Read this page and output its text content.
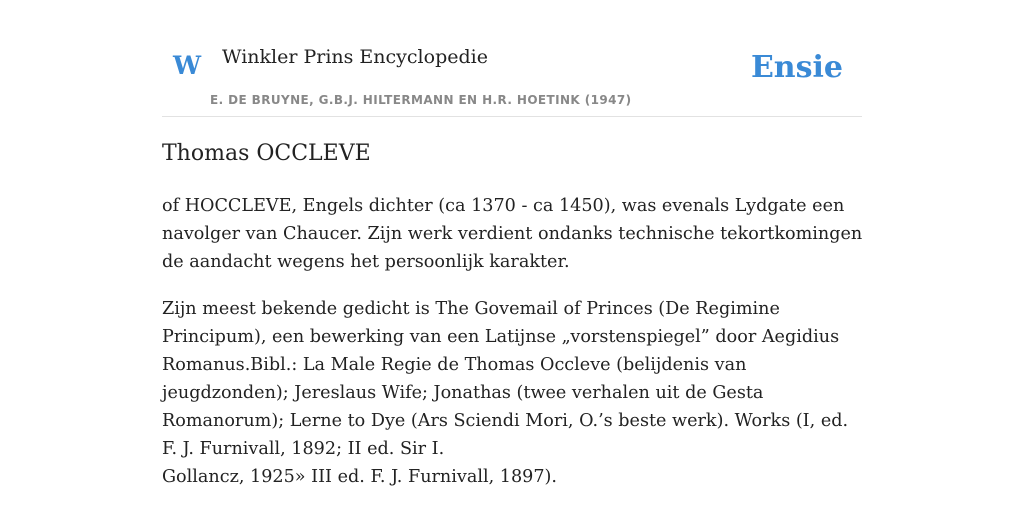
W Winkler Prins Encyclopedie
E. DE BRUYNE, G.B.J. HILTERMANN EN H.R. HOETINK (1947)
Ensie
Thomas OCCLEVE

of HOCCLEVE, Engels dichter (ca 1370 - ca 1450), was evenals Lydgate een navolger van Chaucer. Zijn werk verdient ondanks technische tekortkomingen de aandacht wegens het persoonlijk karakter.

Zijn meest bekende gedicht is The Govemail of Princes (De Regimine Principum), een bewerking van een Latijnse „vorstenspiegel” door Aegidius Romanus.Bibl.: La Male Regie de Thomas Occleve (belijdenis van jeugdzonden); Jereslaus Wife; Jonathas (twee verhalen uit de Gesta Romanorum); Lerne to Dye (Ars Sciendi Mori, O.’s beste werk). Works (I, ed. F. J. Furnivall, 1892; II ed. Sir I.

Gollancz, 1925» III ed. F. J. Furnivall, 1897).
